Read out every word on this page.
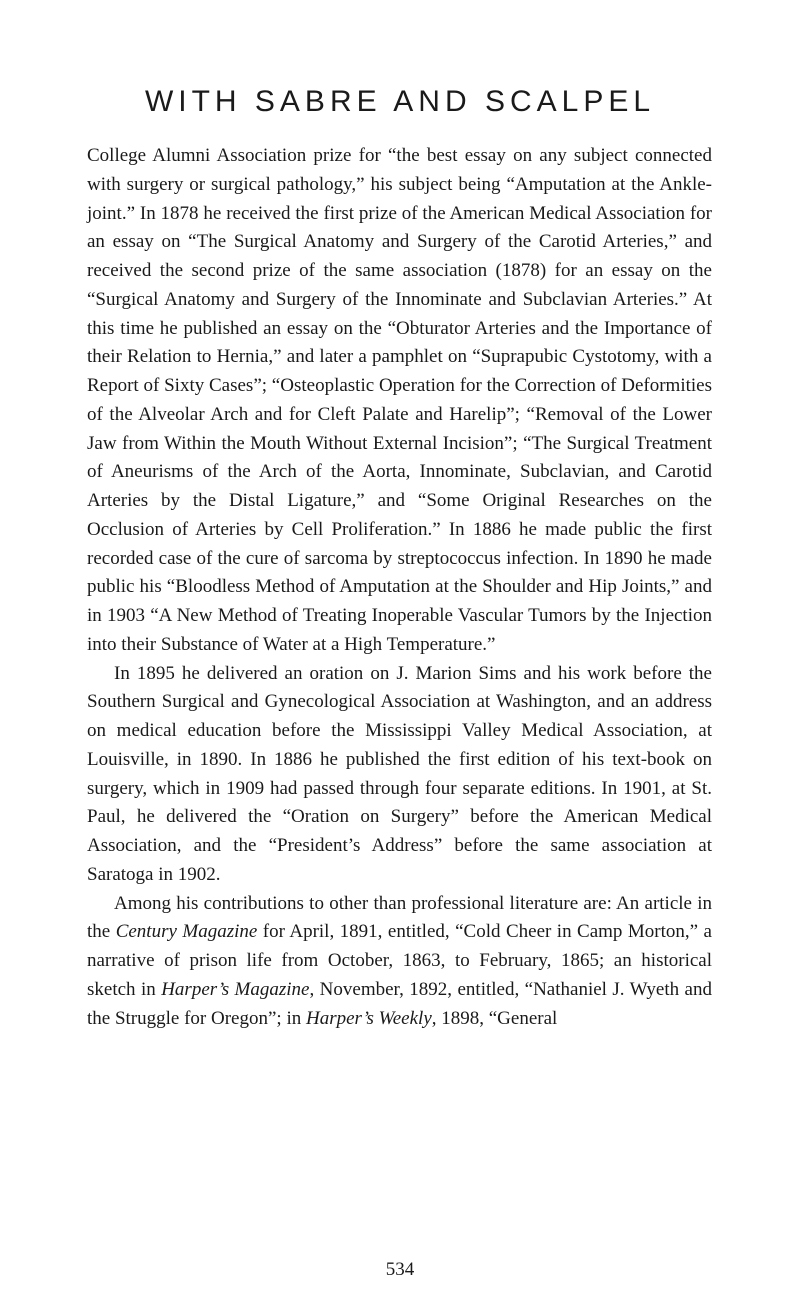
WITH SABRE AND SCALPEL

College Alumni Association prize for “the best essay on any subject connected with surgery or surgical pathology,” his subject being “Amputation at the Ankle-joint.” In 1878 he received the first prize of the American Medical Association for an essay on “The Surgical Anatomy and Surgery of the Carotid Arteries,” and received the second prize of the same association (1878) for an essay on the “Surgical Anatomy and Surgery of the Innominate and Subclavian Arteries.” At this time he published an essay on the “Obturator Arteries and the Importance of their Relation to Hernia,” and later a pamphlet on “Suprapubic Cystotomy, with a Report of Sixty Cases”; “Osteoplastic Operation for the Correction of Deformities of the Alveolar Arch and for Cleft Palate and Harelip”; “Removal of the Lower Jaw from Within the Mouth Without External Incision”; “The Surgical Treatment of Aneurisms of the Arch of the Aorta, Innominate, Subclavian, and Carotid Arteries by the Distal Ligature,” and “Some Original Researches on the Occlusion of Arteries by Cell Proliferation.” In 1886 he made public the first recorded case of the cure of sarcoma by streptococcus infection. In 1890 he made public his “Bloodless Method of Amputation at the Shoulder and Hip Joints,” and in 1903 “A New Method of Treating Inoperable Vascular Tumors by the Injection into their Substance of Water at a High Temperature.”

In 1895 he delivered an oration on J. Marion Sims and his work before the Southern Surgical and Gynecological Association at Washington, and an address on medical education before the Mississippi Valley Medical Association, at Louisville, in 1890. In 1886 he published the first edition of his text-book on surgery, which in 1909 had passed through four separate editions. In 1901, at St. Paul, he delivered the “Oration on Surgery” before the American Medical Association, and the “President’s Address” before the same association at Saratoga in 1902.

Among his contributions to other than professional literature are: An article in the Century Magazine for April, 1891, entitled, “Cold Cheer in Camp Morton,” a narrative of prison life from October, 1863, to February, 1865; an historical sketch in Harper’s Magazine, November, 1892, entitled, “Nathaniel J. Wyeth and the Struggle for Oregon”; in Harper’s Weekly, 1898, “General

534
